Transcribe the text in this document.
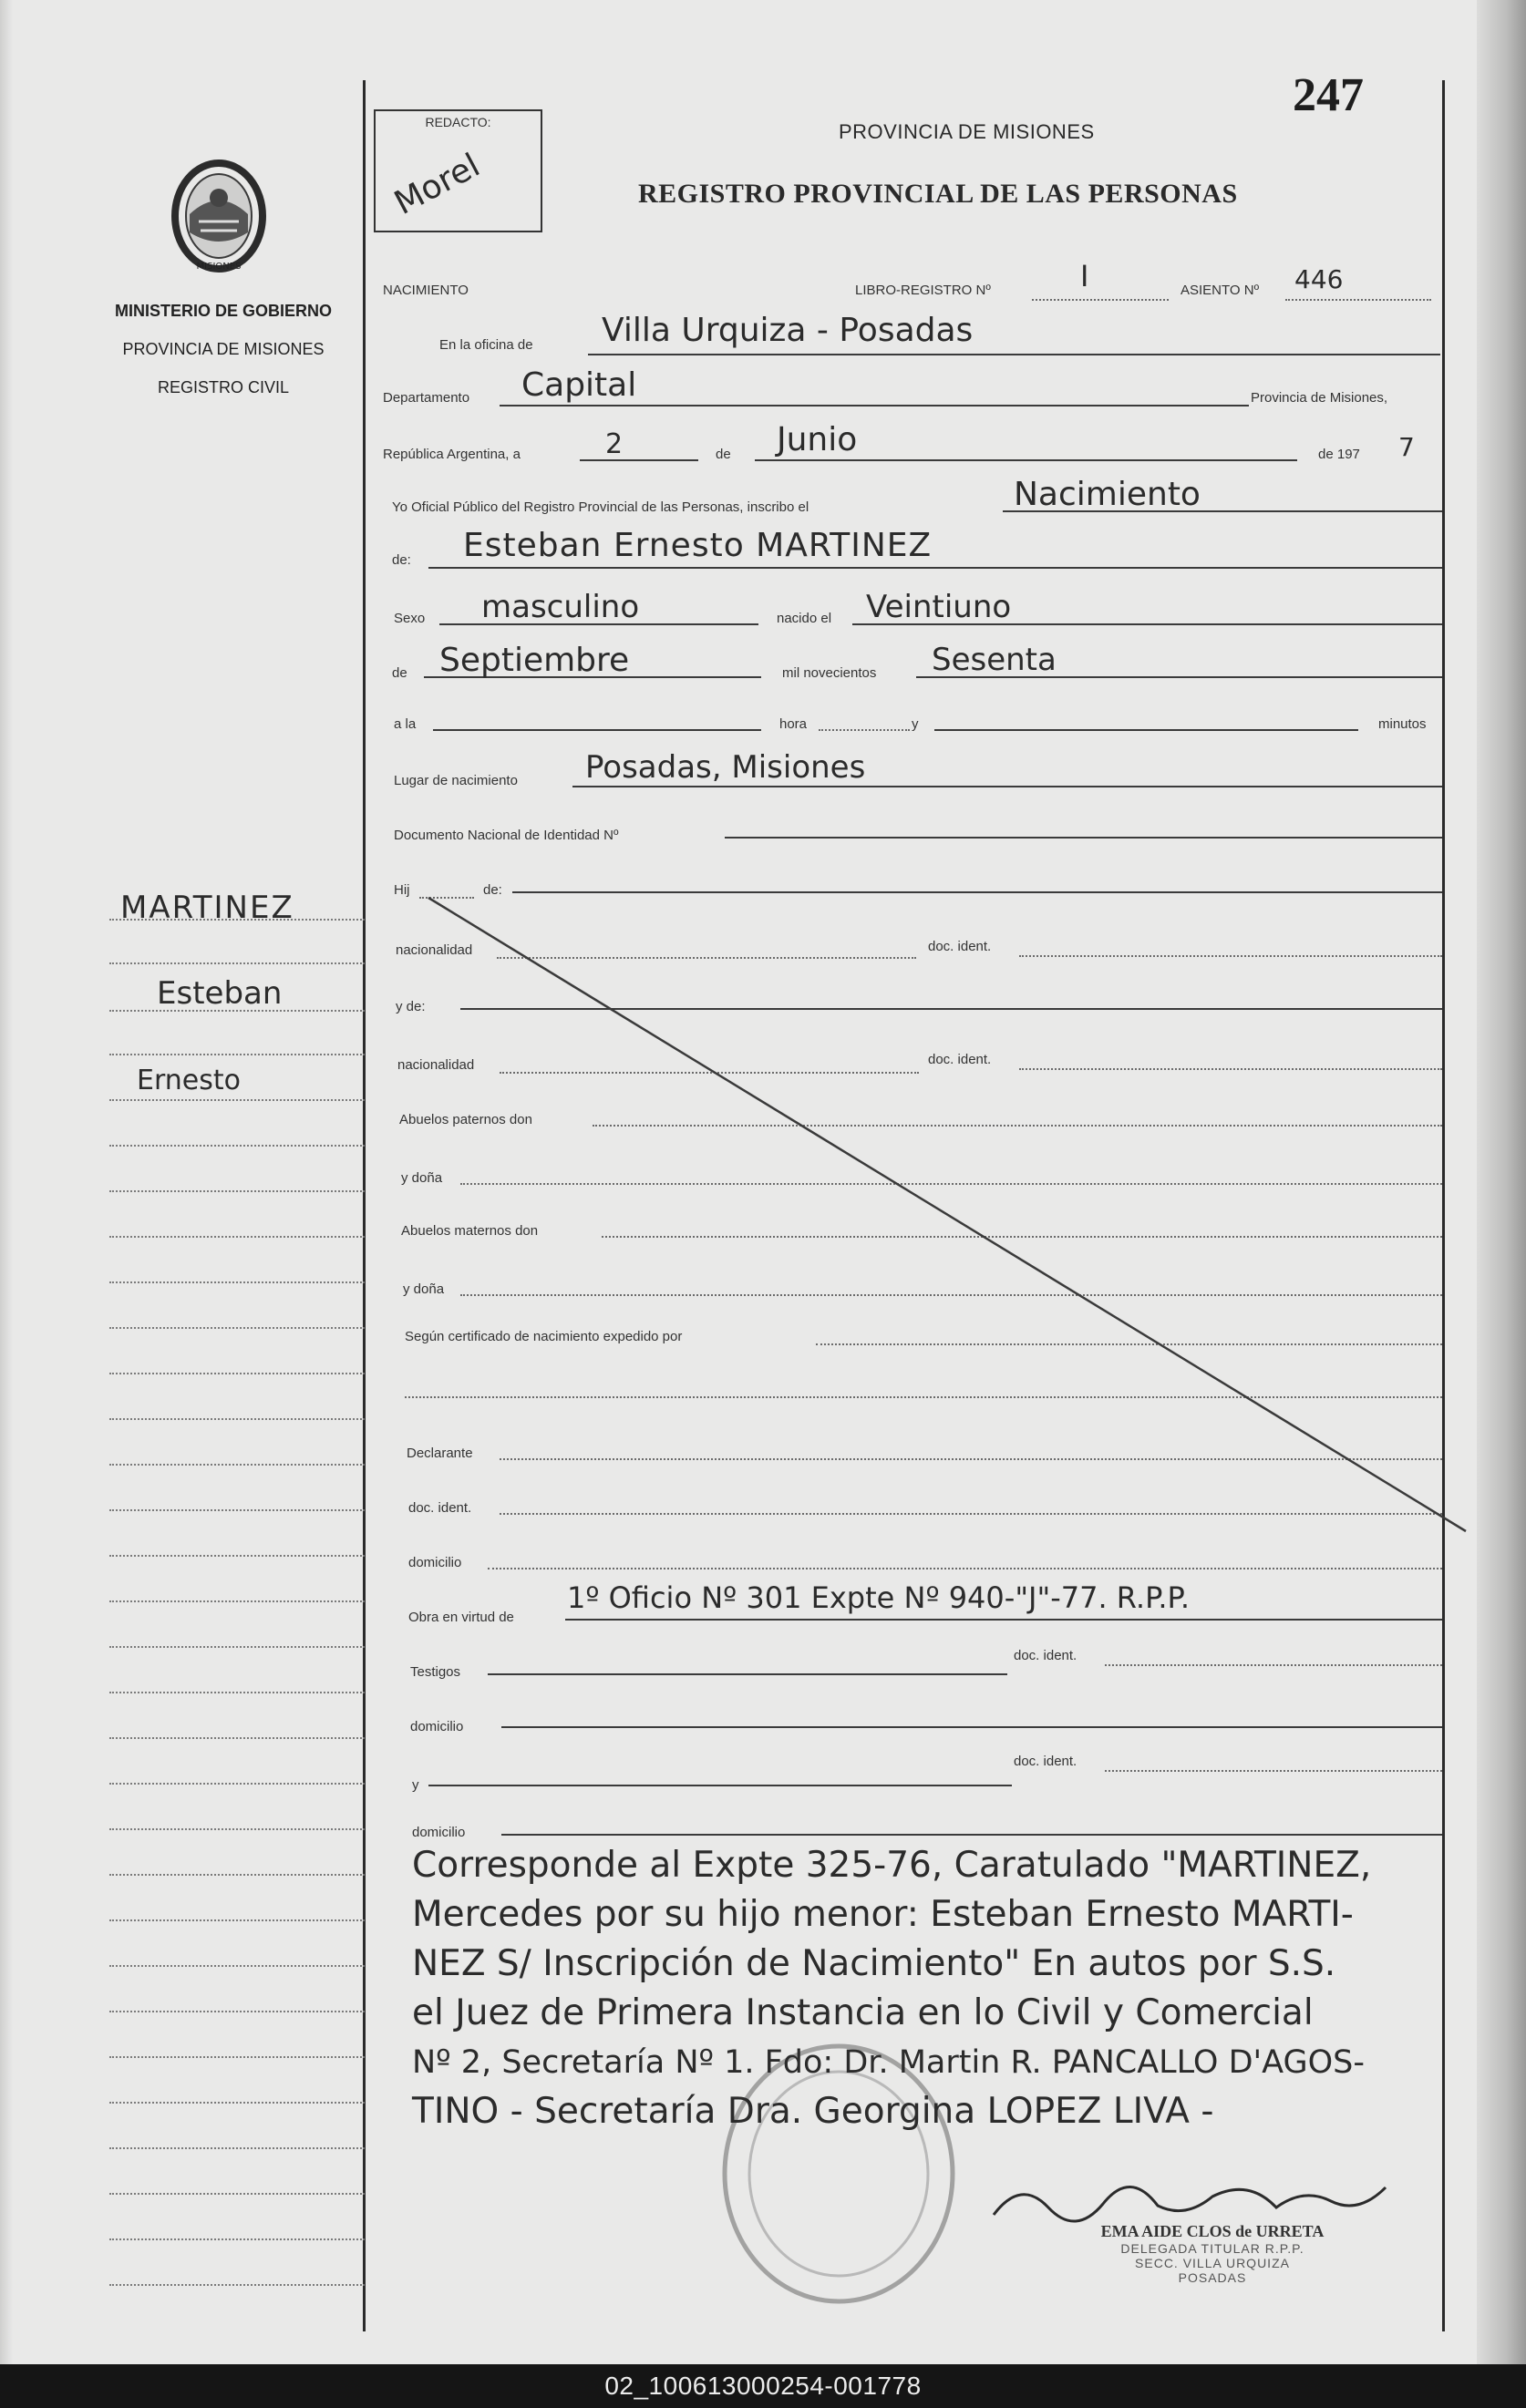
MISIONES
MINISTERIO DE GOBIERNO
PROVINCIA DE MISIONES
REGISTRO CIVIL
REDACTO:
Morel
247
PROVINCIA DE MISIONES
REGISTRO PROVINCIAL DE LAS PERSONAS
NACIMIENTO	LIBRO-REGISTRO Nº	I	ASIENTO Nº 446
En la oficina de Villa Urquiza - Posadas
Departamento Capital	Provincia de Misiones,
República Argentina, a	2	de Junio	de 197 7
Yo Oficial Público del Registro Provincial de las Personas, inscribo el	Nacimiento
de: Esteban Ernesto MARTINEZ
Sexo masculino	nacido el Veintiuno
de Septiembre	mil novecientos Sesenta
a la	hora	y	minutos
Lugar de nacimiento Posadas, Misiones
Documento Nacional de Identidad Nº
Hij	de:
nacionalidad	doc. ident.
y de:
nacionalidad	doc. ident.
Abuelos paternos don
y doña
Abuelos maternos don
y doña
Según certificado de nacimiento expedido por
Declarante
doc. ident.
domicilio
Obra en virtud de
1º Oficio Nº 301 Expte Nº 940-"J"-77. R.P.P.
Testigos
doc. ident.
domicilio
y
doc. ident.
domicilio
MARTINEZ
Esteban
Ernesto
Corresponde al Expte 325-76, Caratulado "MARTINEZ,
Mercedes por su hijo menor: Esteban Ernesto MARTI-
NEZ S/ Inscripción de Nacimiento" En autos por S.S.
el Juez de Primera Instancia en lo Civil y Comercial
Nº 2, Secretaría Nº 1. Fdo: Dr. Martin R. PANCALLO D'AGOS-
TINO - Secretaría Dra. Georgina LOPEZ LIVA -
EMA AIDE CLOS de URRETA
DELEGADA TITULAR R.P.P.
SECC. VILLA URQUIZA
POSADAS
02_100613000254-001778
